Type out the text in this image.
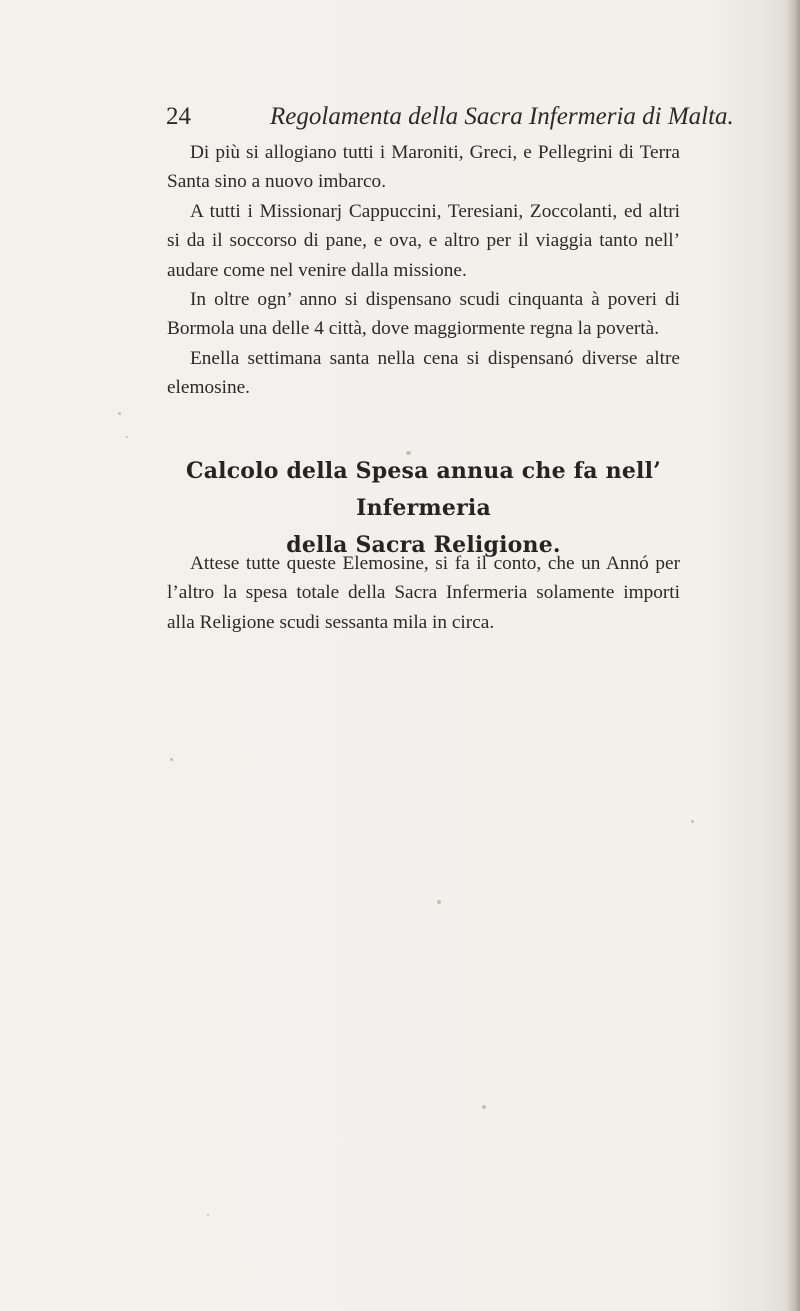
24	Regolamenta della Sacra Infermeria di Malta.

Di più si allogiano tutti i Maroniti, Greci, e Pellegrini di Terra Santa sino a nuovo imbarco.

A tutti i Missionarj Cappuccini, Teresiani, Zoccolanti, ed altri si da il soccorso di pane, e ova, e altro per il viaggia tanto nell’ audare come nel venire dalla missione.

In oltre ogn’ anno si dispensano scudi cinquanta à poveri di Bormola una delle 4 città, dove maggiormente regna la povertà.

Enella settimana santa nella cena si dispensanó diverse altre elemosine.

Calcolo della Spesa annua che fa nell’ Infermeria
della Sacra Religione.

Attese tutte queste Elemosine, si fa il conto, che un Annó per l’altro la spesa totale della Sacra Infermeria solamente importi alla Religione scudi sessanta mila in circa.
